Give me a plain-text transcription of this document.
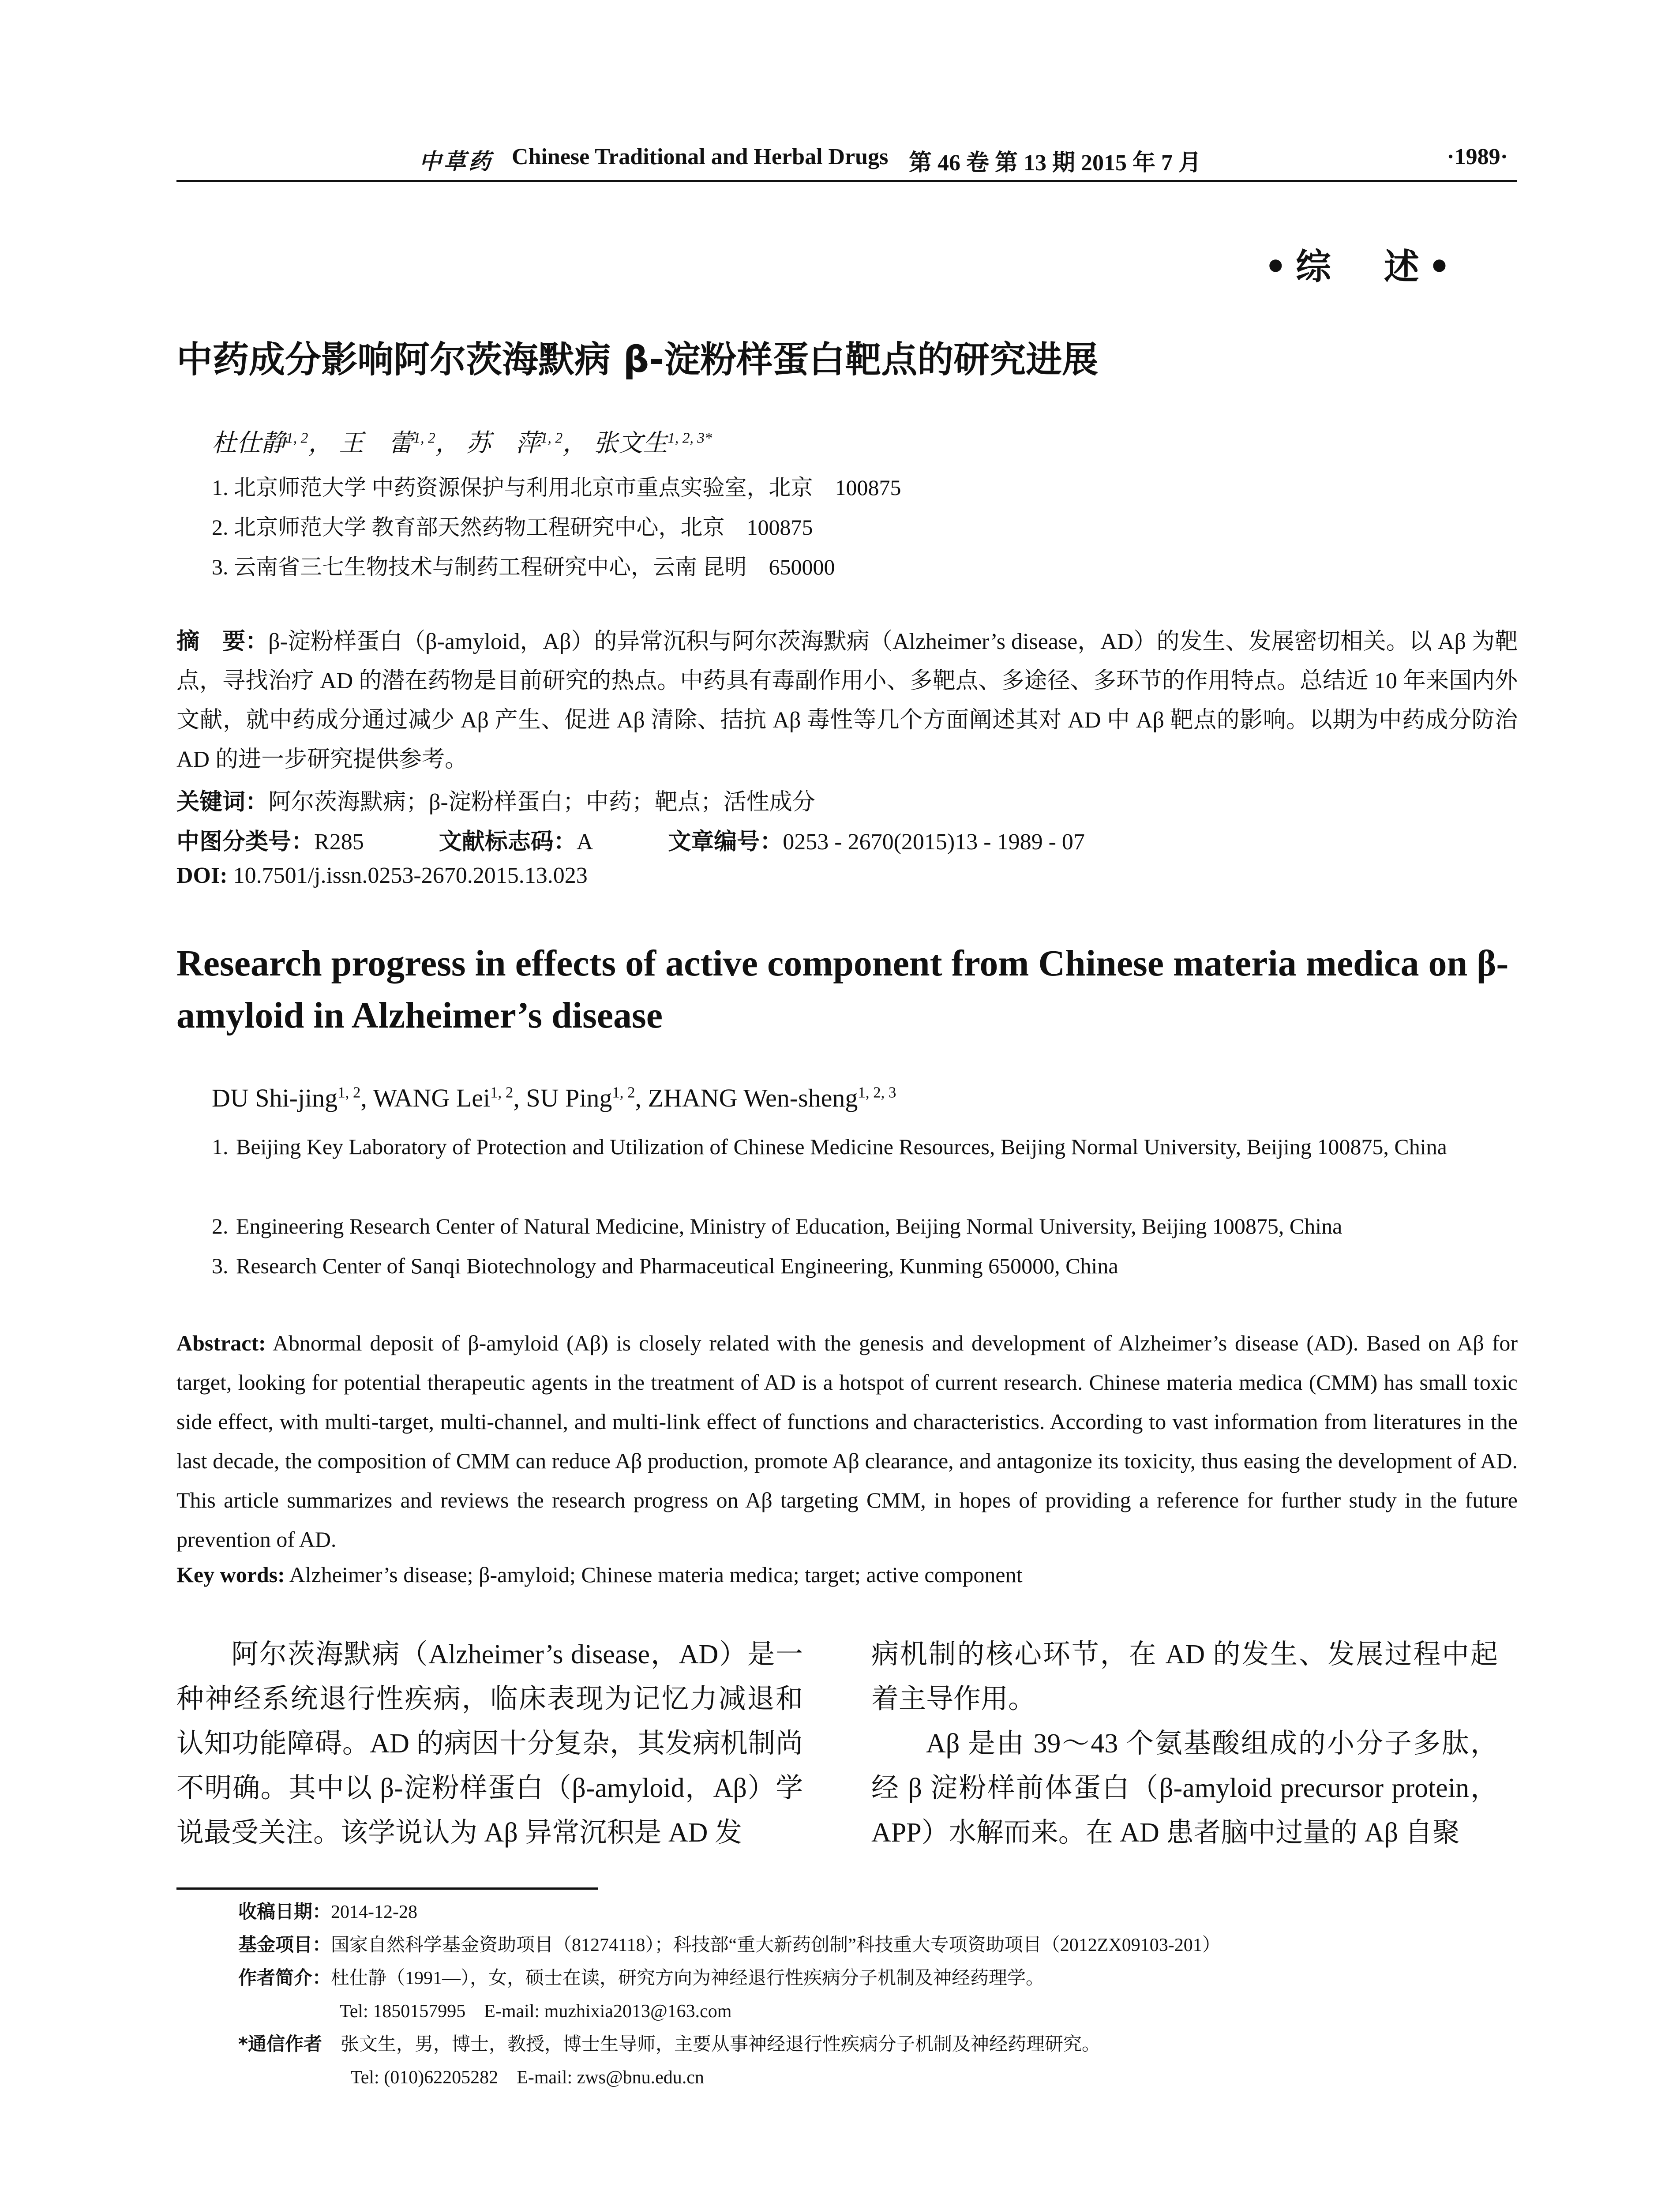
中草药 Chinese Traditional and Herbal Drugs 第 46 卷 第 13 期 2015 年 7 月	·1989·
•综　述•
中药成分影响阿尔茨海默病 β-淀粉样蛋白靶点的研究进展
杜仕静$^{1, 2}$， 王　蕾$^{1, 2}$， 苏　萍$^{1, 2}$， 张文生$^{1, 2, 3*}$
1. 北京师范大学 中药资源保护与利用北京市重点实验室，北京　100875
2. 北京师范大学 教育部天然药物工程研究中心，北京　100875
3. 云南省三七生物技术与制药工程研究中心，云南 昆明　650000
摘　要：β-淀粉样蛋白（β-amyloid，Aβ）的异常沉积与阿尔茨海默病（Alzheimer’s disease，AD）的发生、发展密切相关。以 Aβ 为靶点，寻找治疗 AD 的潜在药物是目前研究的热点。中药具有毒副作用小、多靶点、多途径、多环节的作用特点。总结近 10 年来国内外文献，就中药成分通过减少 Aβ 产生、促进 Aβ 清除、拮抗 Aβ 毒性等几个方面阐述其对 AD 中 Aβ 靶点的影响。以期为中药成分防治 AD 的进一步研究提供参考。
关键词：阿尔茨海默病；β-淀粉样蛋白；中药；靶点；活性成分
中图分类号：R285	文献标志码：A	文章编号：0253 - 2670(2015)13 - 1989 - 07
DOI: 10.7501/j.issn.0253-2670.2015.13.023
Research progress in effects of active component from Chinese materia medica on β-amyloid in Alzheimer’s disease
DU Shi-jing$^{1, 2}$, WANG Lei$^{1, 2}$, SU Ping$^{1, 2}$, ZHANG Wen-sheng$^{1, 2, 3}$
1. Beijing Key Laboratory of Protection and Utilization of Chinese Medicine Resources, Beijing Normal University, Beijing 100875, China
2. Engineering Research Center of Natural Medicine, Ministry of Education, Beijing Normal University, Beijing 100875, China
3. Research Center of Sanqi Biotechnology and Pharmaceutical Engineering, Kunming 650000, China
Abstract: Abnormal deposit of β-amyloid (Aβ) is closely related with the genesis and development of Alzheimer’s disease (AD). Based on Aβ for target, looking for potential therapeutic agents in the treatment of AD is a hotspot of current research. Chinese materia medica (CMM) has small toxic side effect, with multi-target, multi-channel, and multi-link effect of functions and characteristics. According to vast information from literatures in the last decade, the composition of CMM can reduce Aβ production, promote Aβ clearance, and antagonize its toxicity, thus easing the development of AD. This article summarizes and reviews the research progress on Aβ targeting CMM, in hopes of providing a reference for further study in the future prevention of AD.
Key words: Alzheimer’s disease; β-amyloid; Chinese materia medica; target; active component

阿尔茨海默病（Alzheimer’s disease，AD）是一种神经系统退行性疾病，临床表现为记忆力减退和认知功能障碍。AD 的病因十分复杂，其发病机制尚不明确。其中以 β-淀粉样蛋白（β-amyloid，Aβ）学说最受关注。该学说认为 Aβ 异常沉积是 AD 发

病机制的核心环节，在 AD 的发生、发展过程中起着主导作用。

Aβ 是由 39～43 个氨基酸组成的小分子多肽，经 β 淀粉样前体蛋白（β-amyloid precursor protein，APP）水解而来。在 AD 患者脑中过量的 Aβ 自聚

收稿日期：2014-12-28
基金项目：国家自然科学基金资助项目（81274118）；科技部“重大新药创制”科技重大专项资助项目（2012ZX09103-201）
作者简介：杜仕静（1991—），女，硕士在读，研究方向为神经退行性疾病分子机制及神经药理学。
Tel: 1850157995　E-mail: muzhixia2013@163.com
*通信作者　 张文生，男，博士，教授，博士生导师，主要从事神经退行性疾病分子机制及神经药理研究。
Tel: (010)62205282　E-mail: zws@bnu.edu.cn
